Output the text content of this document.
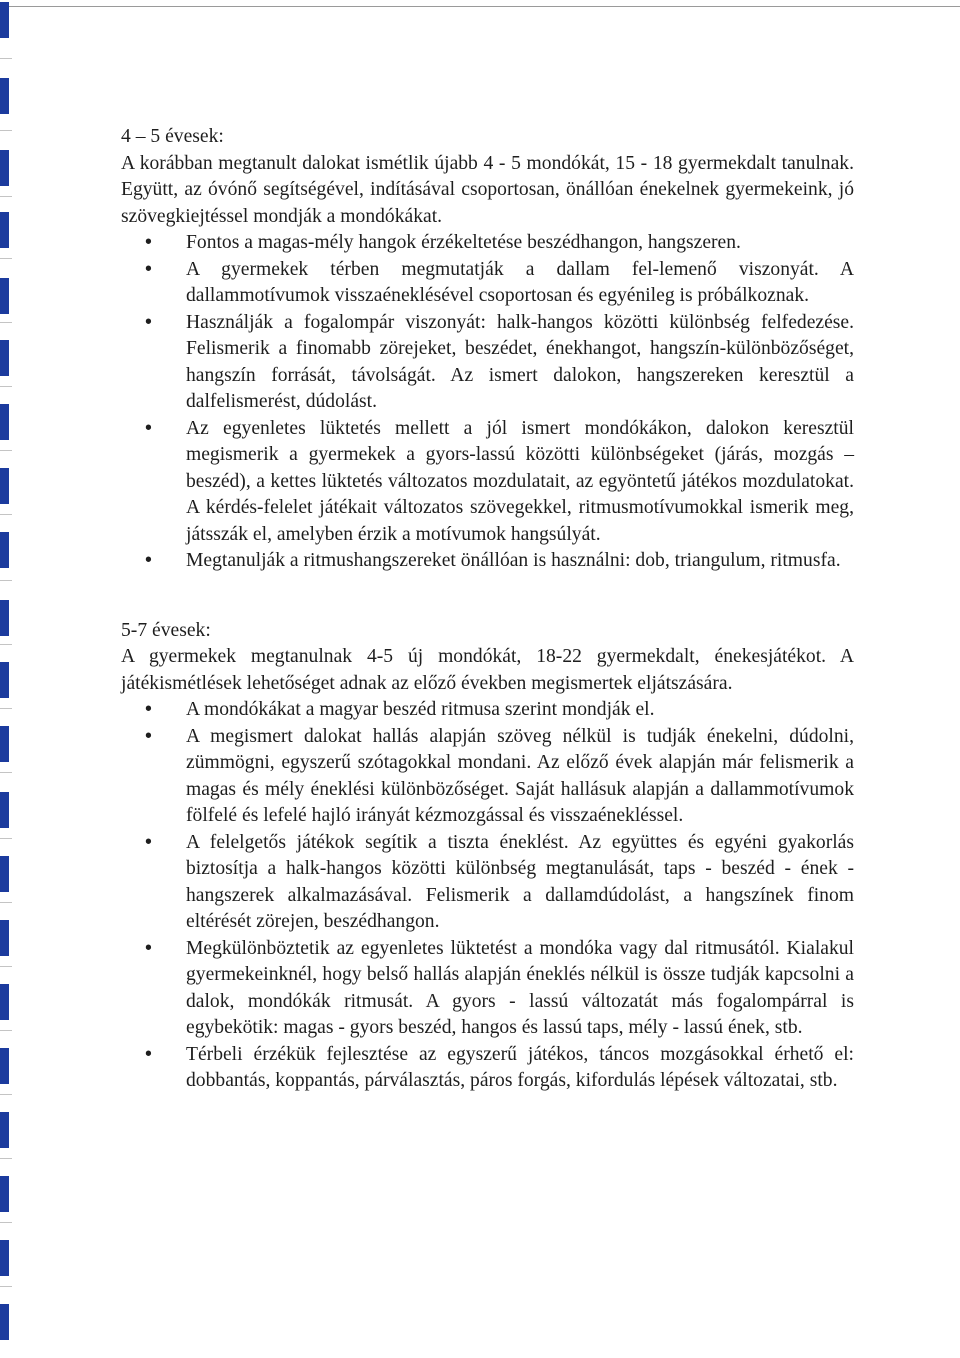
4 – 5 évesek:

A korábban megtanult dalokat ismétlik újabb 4 - 5 mondókát, 15 - 18 gyermekdalt tanulnak. Együtt, az óvónő segítségével, indításával csoportosan, önállóan énekelnek gyermekeink, jó szövegkiejtéssel mondják a mondókákat.

• Fontos a magas-mély hangok érzékeltetése beszédhangon, hangszeren.
• A gyermekek térben megmutatják a dallam fel-lemenő viszonyát. A dallammotívumok visszaéneklésével csoportosan és egyénileg is próbálkoznak.
• Használják a fogalompár viszonyát: halk-hangos közötti különbség felfedezése. Felismerik a finomabb zörejeket, beszédet, énekhangot, hangszín-különbözőséget, hangszín forrását, távolságát. Az ismert dalokon, hangszereken keresztül a dalfelismerést, dúdolást.
• Az egyenletes lüktetés mellett a jól ismert mondókákon, dalokon keresztül megismerik a gyermekek a gyors-lassú közötti különbségeket (járás, mozgás – beszéd), a kettes lüktetés változatos mozdulatait, az egyöntetű játékos mozdulatokat. A kérdés-felelet játékait változatos szövegekkel, ritmusmotívumokkal ismerik meg, játsszák el, amelyben érzik a motívumok hangsúlyát.
• Megtanulják a ritmushangszereket önállóan is használni: dob, triangulum, ritmusfa.
5-7 évesek:

A gyermekek megtanulnak 4-5 új mondókát, 18-22 gyermekdalt, énekesjátékot. A játékismétlések lehetőséget adnak az előző években megismertek eljátszására.

• A mondókákat a magyar beszéd ritmusa szerint mondják el.
• A megismert dalokat hallás alapján szöveg nélkül is tudják énekelni, dúdolni, zümmögni, egyszerű szótagokkal mondani. Az előző évek alapján már felismerik a magas és mély éneklési különbözőséget. Saját hallásuk alapján a dallammotívumok fölfelé és lefelé hajló irányát kézmozgással és visszaénekléssel.
• A felelgetős játékok segítik a tiszta éneklést. Az együttes és egyéni gyakorlás biztosítja a halk-hangos közötti különbség megtanulását, taps - beszéd - ének - hangszerek alkalmazásával. Felismerik a dallamdúdolást, a hangszínek finom eltérését zörejen, beszédhangon.
• Megkülönböztetik az egyenletes lüktetést a mondóka vagy dal ritmusától. Kialakul gyermekeinknél, hogy belső hallás alapján éneklés nélkül is össze tudják kapcsolni a dalok, mondókák ritmusát. A gyors - lassú változatát más fogalompárral is egybekötik: magas - gyors beszéd, hangos és lassú taps, mély - lassú ének, stb.
• Térbeli érzékük fejlesztése az egyszerű játékos, táncos mozgásokkal érhető el: dobbantás, koppantás, párválasztás, páros forgás, kifordulás lépések változatai, stb.
